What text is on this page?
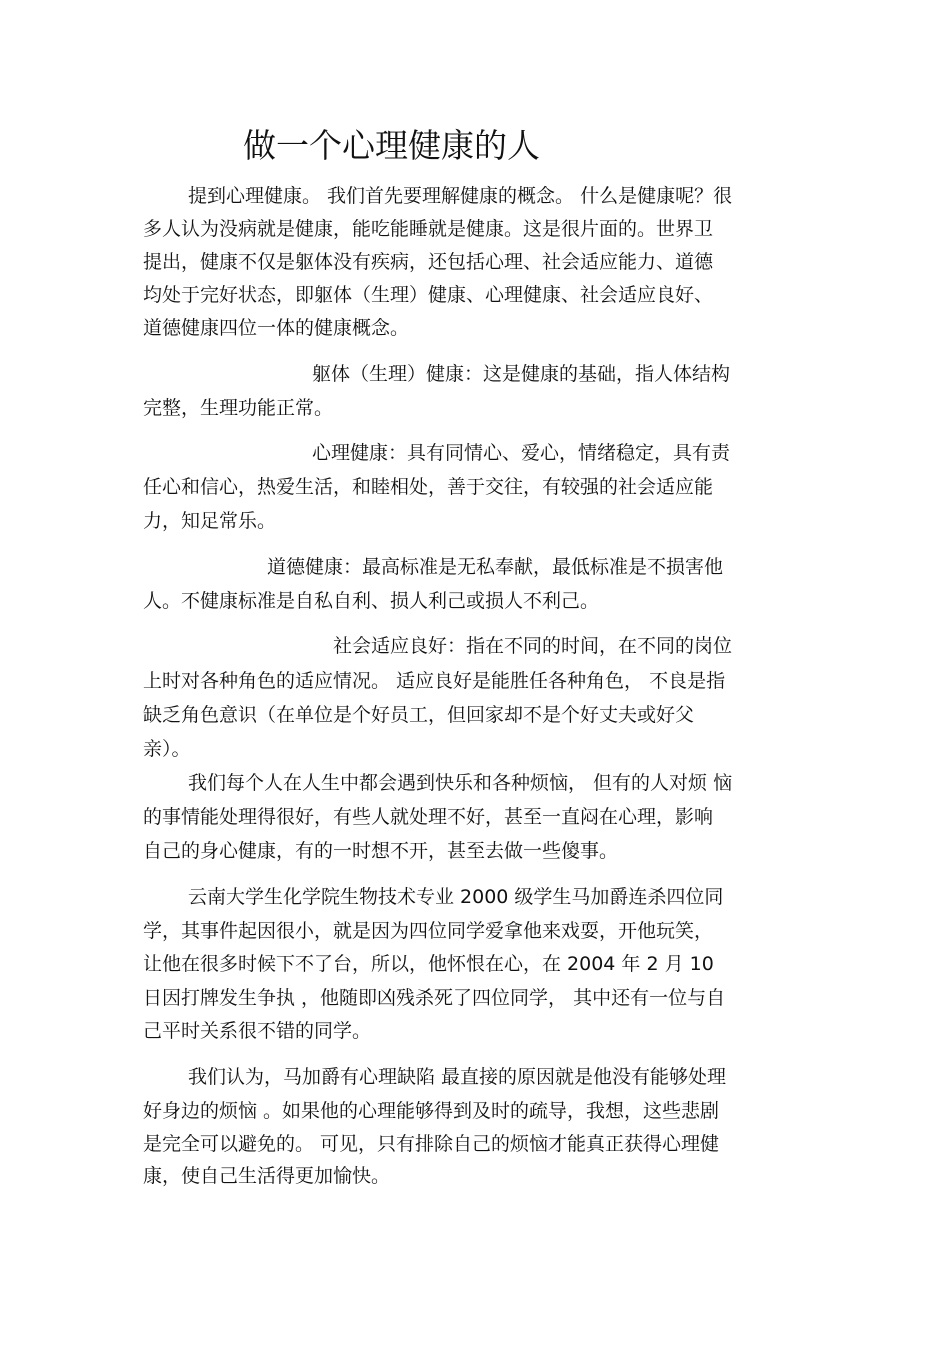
做一个心理健康的人

提到心理健康。 我们首先要理解健康的概念。 什么是健康呢？很

多人认为没病就是健康，能吃能睡就是健康。这是很片面的。世界卫

提出，健康不仅是躯体没有疾病，还包括心理、社会适应能力、道德

均处于完好状态，即躯体（生理）健康、心理健康、社会适应良好、

道德健康四位一体的健康概念。

躯体（生理）健康：这是健康的基础，指人体结构

完整，生理功能正常。

心理健康：具有同情心、爱心，情绪稳定，具有责

任心和信心，热爱生活，和睦相处，善于交往，有较强的社会适应能

力，知足常乐。

道德健康：最高标准是无私奉献，最低标准是不损害他

人。不健康标准是自私自利、损人利己或损人不利己。

社会适应良好：指在不同的时间，在不同的岗位

上时对各种角色的适应情况。 适应良好是能胜任各种角色， 不良是指

缺乏角色意识（在单位是个好员工，但回家却不是个好丈夫或好父

亲）。

我们每个人在人生中都会遇到快乐和各种烦恼， 但有的人对烦 恼

的事情能处理得很好，有些人就处理不好，甚至一直闷在心理，影响

自己的身心健康，有的一时想不开，甚至去做一些傻事。

云南大学生化学院生物技术专业 2000 级学生马加爵连杀四位同

学，其事件起因很小，就是因为四位同学爱拿他来戏耍，开他玩笑，

让他在很多时候下不了台，所以，他怀恨在心，在 2004 年 2 月 10

日因打牌发生争执 ，他随即凶残杀死了四位同学， 其中还有一位与自

己平时关系很不错的同学。

我们认为，马加爵有心理缺陷 最直接的原因就是他没有能够处理

好身边的烦恼 。如果他的心理能够得到及时的疏导，我想，这些悲剧

是完全可以避免的。 可见，只有排除自己的烦恼才能真正获得心理健

康，使自己生活得更加愉快。
